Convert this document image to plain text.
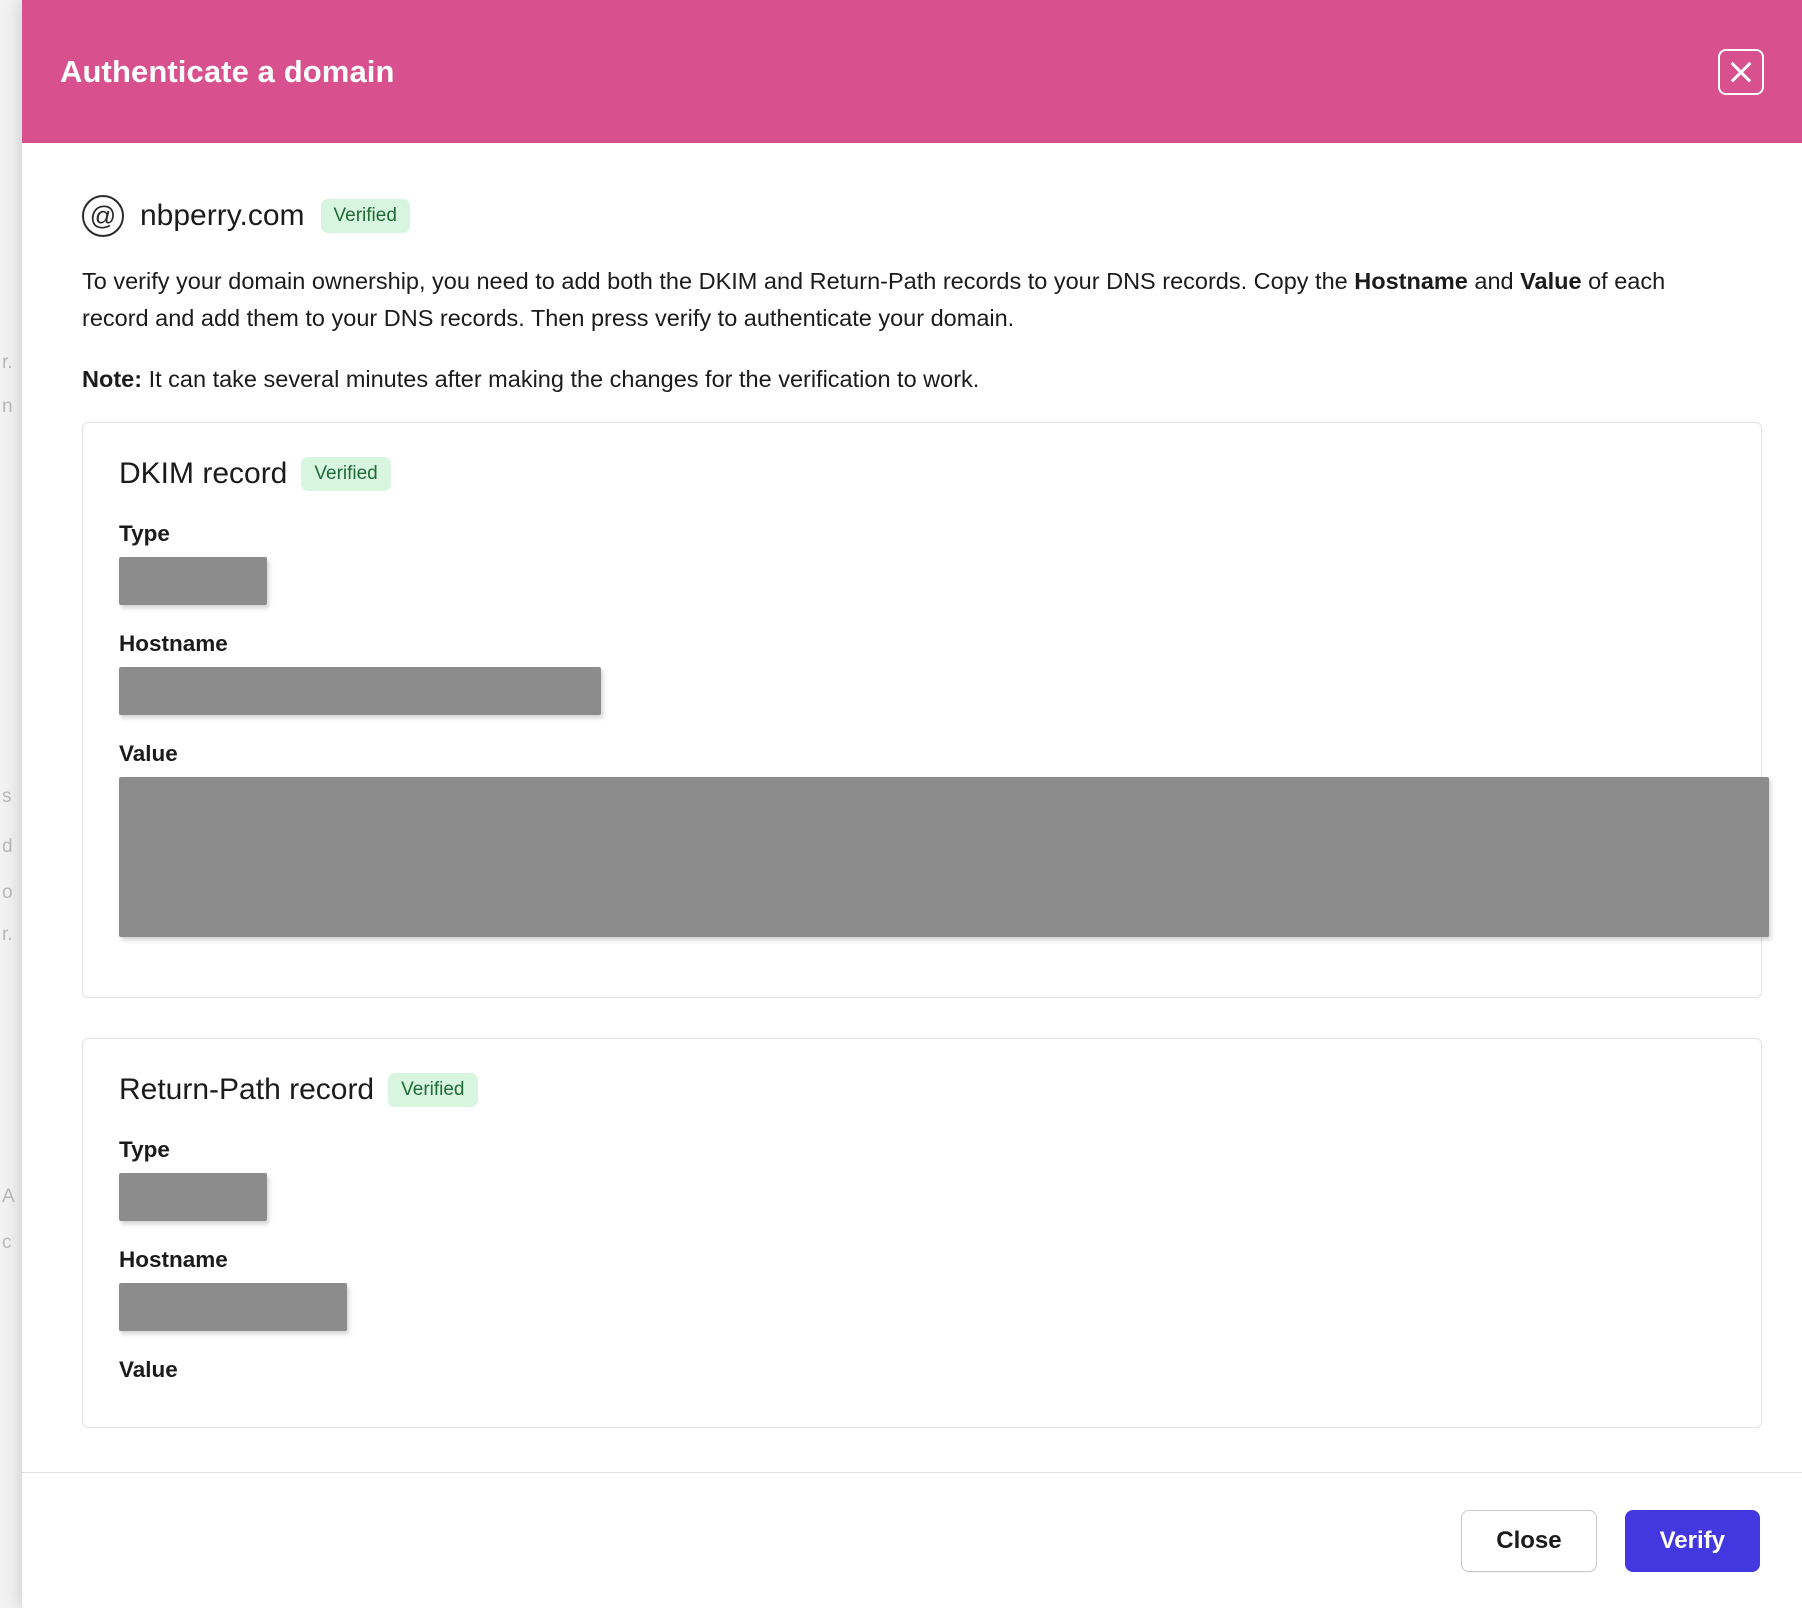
r.
n
s
d
o
r.
A
c
Authenticate a domain
@
nbperry.com	Verified

To verify your domain ownership, you need to add both the DKIM and Return-Path records to your DNS records. Copy the Hostname and Value of each record and add them to your DNS records. Then press verify to authenticate your domain.

Note: It can take several minutes after making the changes for the verification to work.

DKIM record	Verified
Type
Hostname
Value
Return-Path record	Verified
Type
Hostname
Value
Close	Verify
